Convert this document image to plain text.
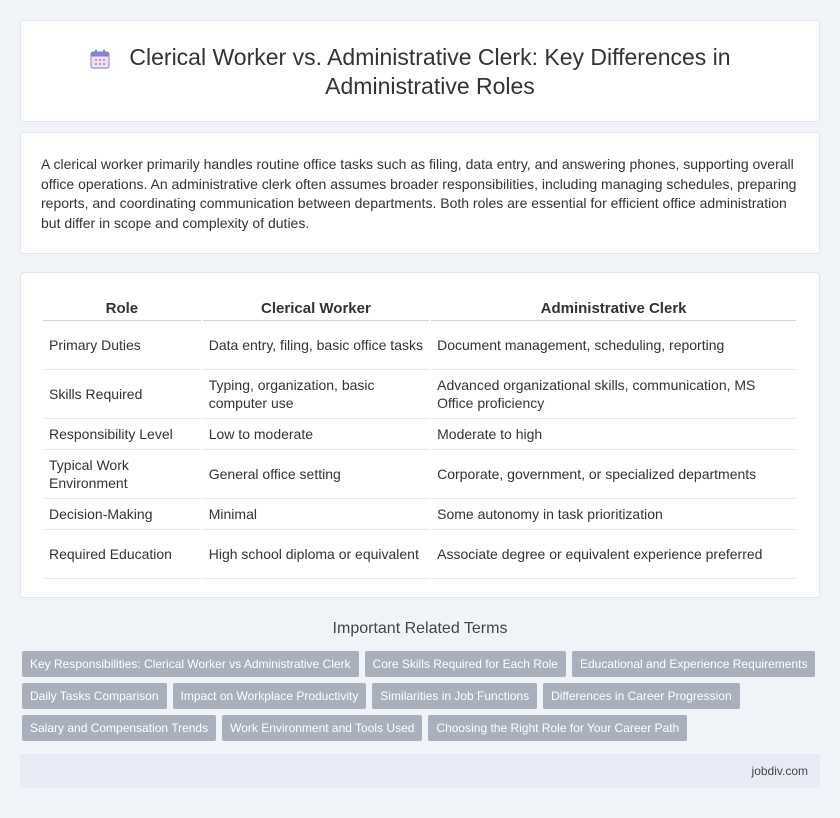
Clerical Worker vs. Administrative Clerk: Key Differences in Administrative Roles

A clerical worker primarily handles routine office tasks such as filing, data entry, and answering phones, supporting overall office operations. An administrative clerk often assumes broader responsibilities, including managing schedules, preparing reports, and coordinating communication between departments. Both roles are essential for efficient office administration but differ in scope and complexity of duties.

Role	Clerical Worker	Administrative Clerk
Primary Duties	Data entry, filing, basic office tasks	Document management, scheduling, reporting
Skills Required	Typing, organization, basic computer use	Advanced organizational skills, communication, MS Office proficiency
Responsibility Level	Low to moderate	Moderate to high
Typical Work Environment	General office setting	Corporate, government, or specialized departments
Decision-Making	Minimal	Some autonomy in task prioritization
Required Education	High school diploma or equivalent	Associate degree or equivalent experience preferred
Important Related Terms
Key Responsibilities: Clerical Worker vs Administrative Clerk	Core Skills Required for Each Role	Educational and Experience Requirements
Daily Tasks Comparison	Impact on Workplace Productivity	Similarities in Job Functions	Differences in Career Progression
Salary and Compensation Trends	Work Environment and Tools Used	Choosing the Right Role for Your Career Path
jobdiv.com
